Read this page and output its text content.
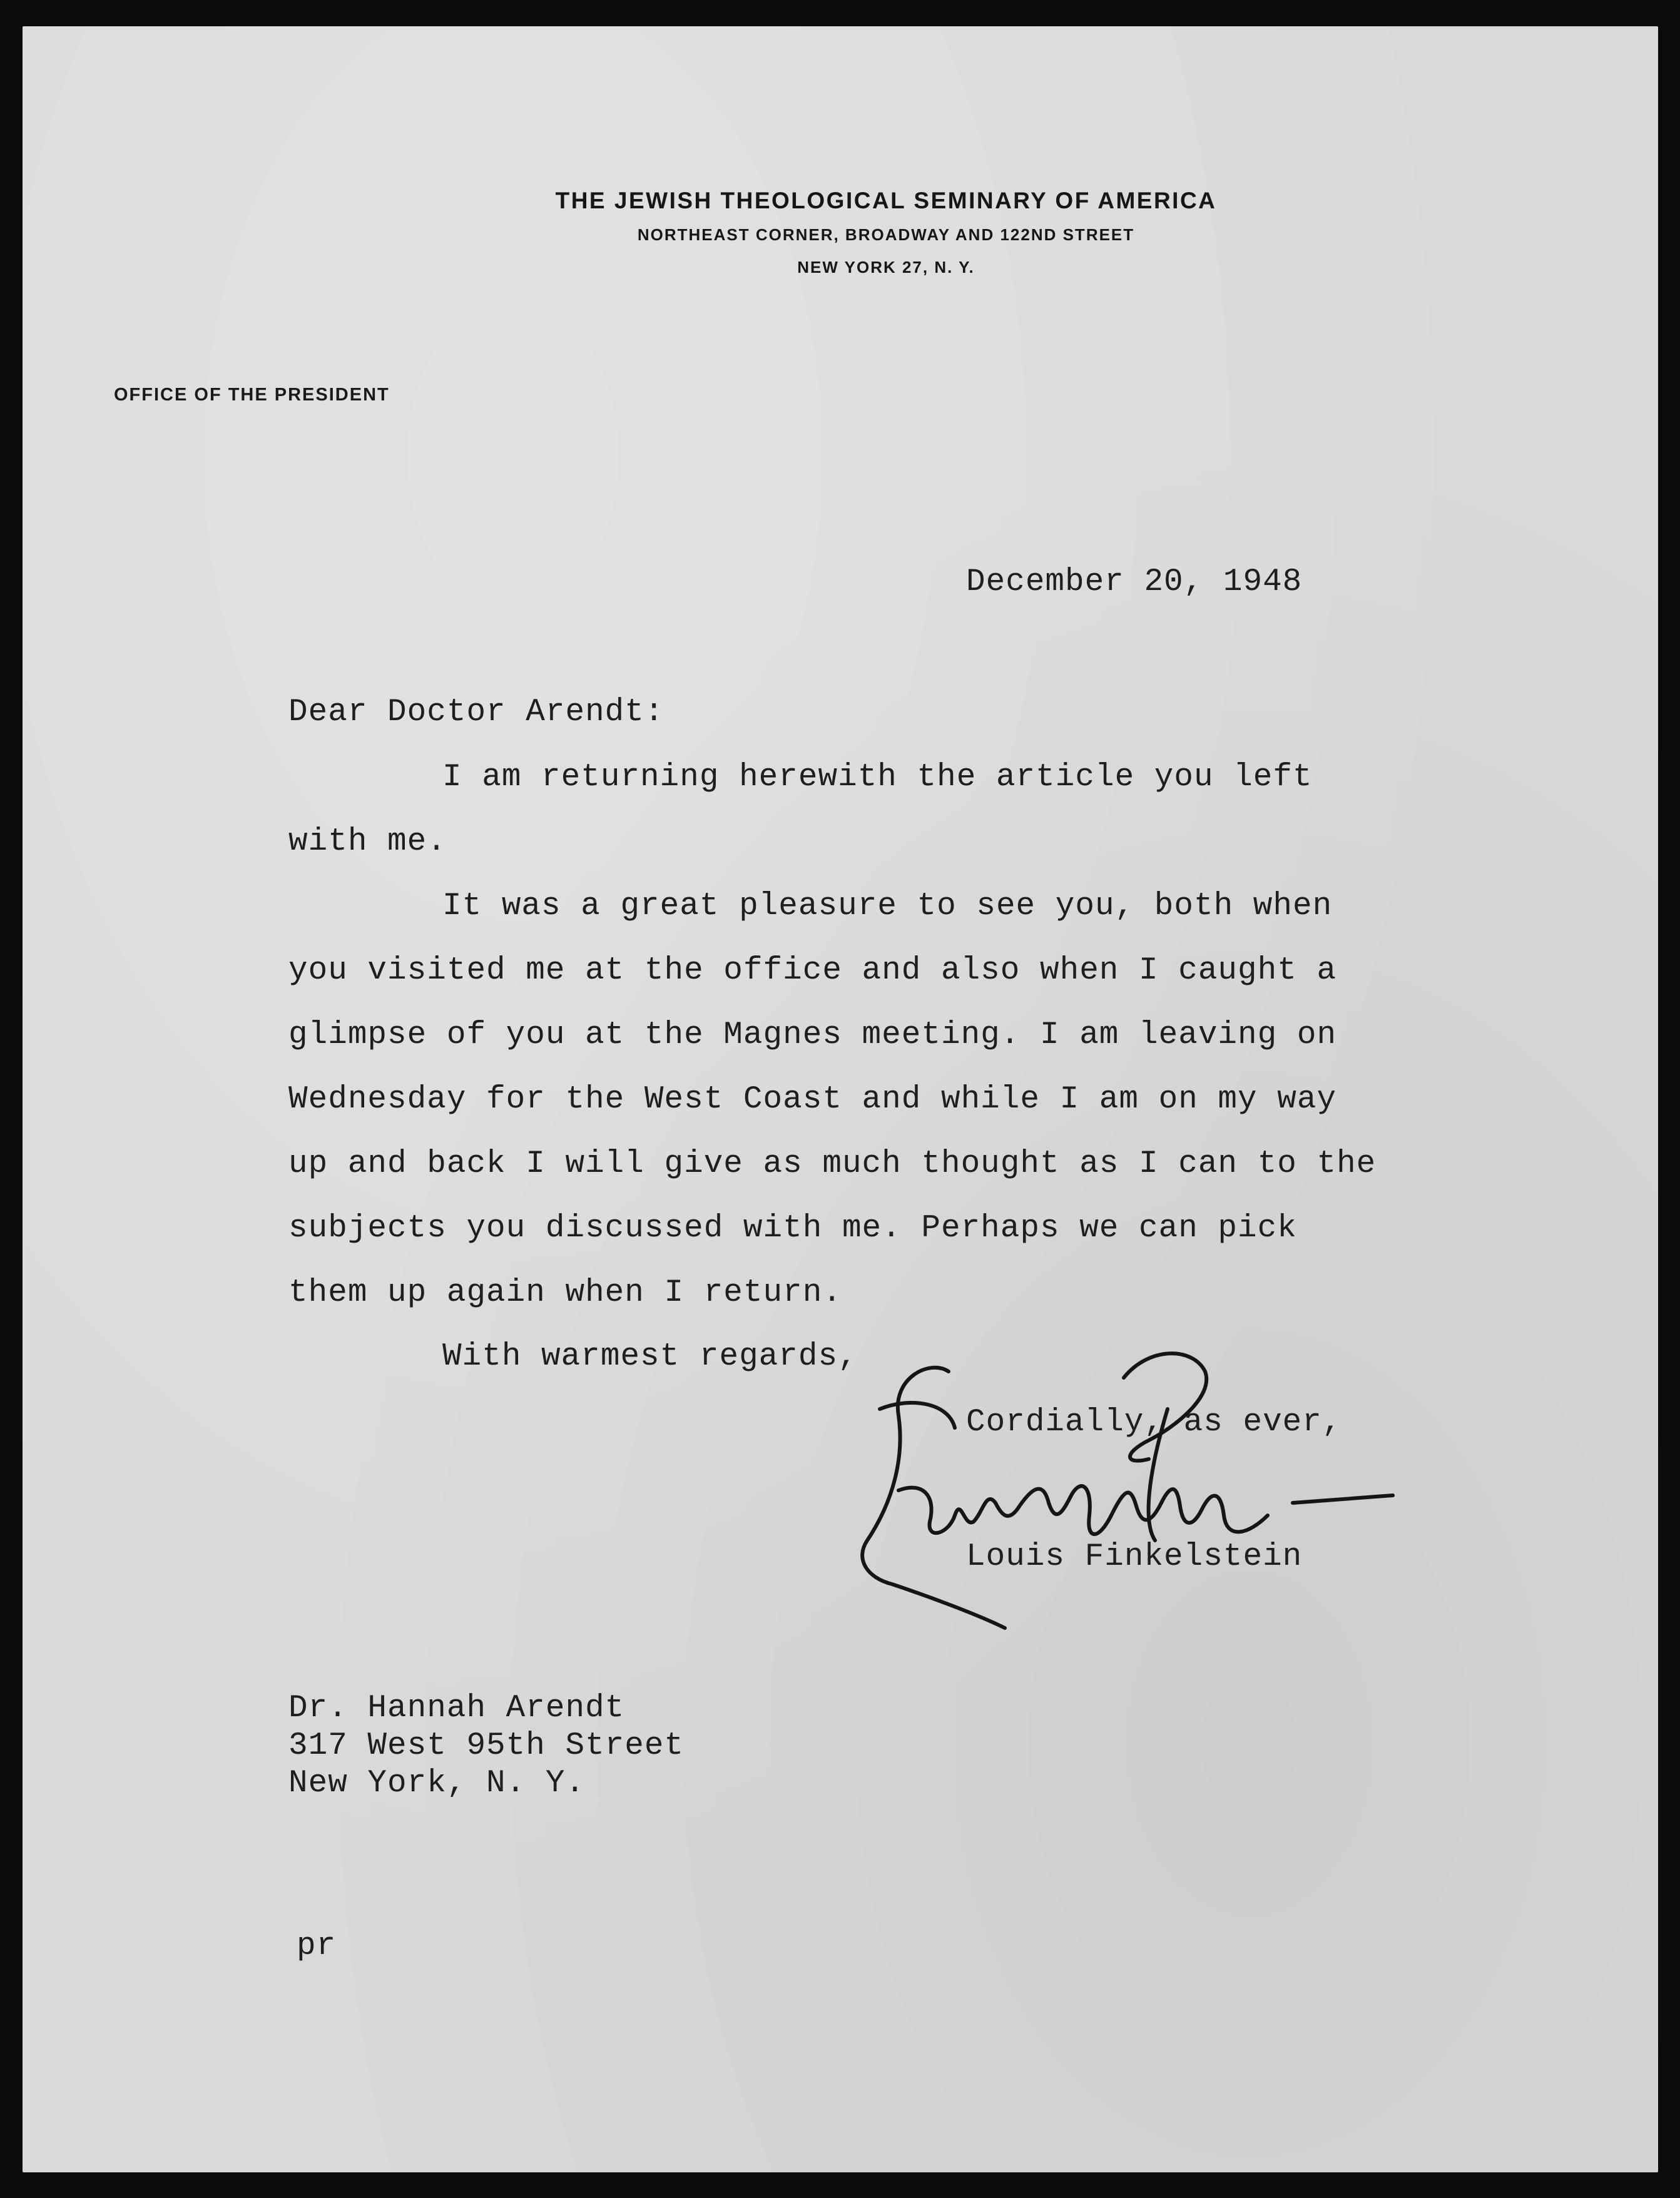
THE JEWISH THEOLOGICAL SEMINARY OF AMERICA
NORTHEAST CORNER, BROADWAY AND 122ND STREET
NEW YORK 27, N. Y.
OFFICE OF THE PRESIDENT
December 20, 1948
Dear Doctor Arendt:
I am returning herewith the article you left
with me.
It was a great pleasure to see you, both when
you visited me at the office and also when I caught a
glimpse of you at the Magnes meeting. I am leaving on
Wednesday for the West Coast and while I am on my way
up and back I will give as much thought as I can to the
subjects you discussed with me. Perhaps we can pick
them up again when I return.
With warmest regards,
Cordially, as ever,
Louis Finkelstein
Dr. Hannah Arendt
317 West 95th Street
New York, N. Y.
pr
